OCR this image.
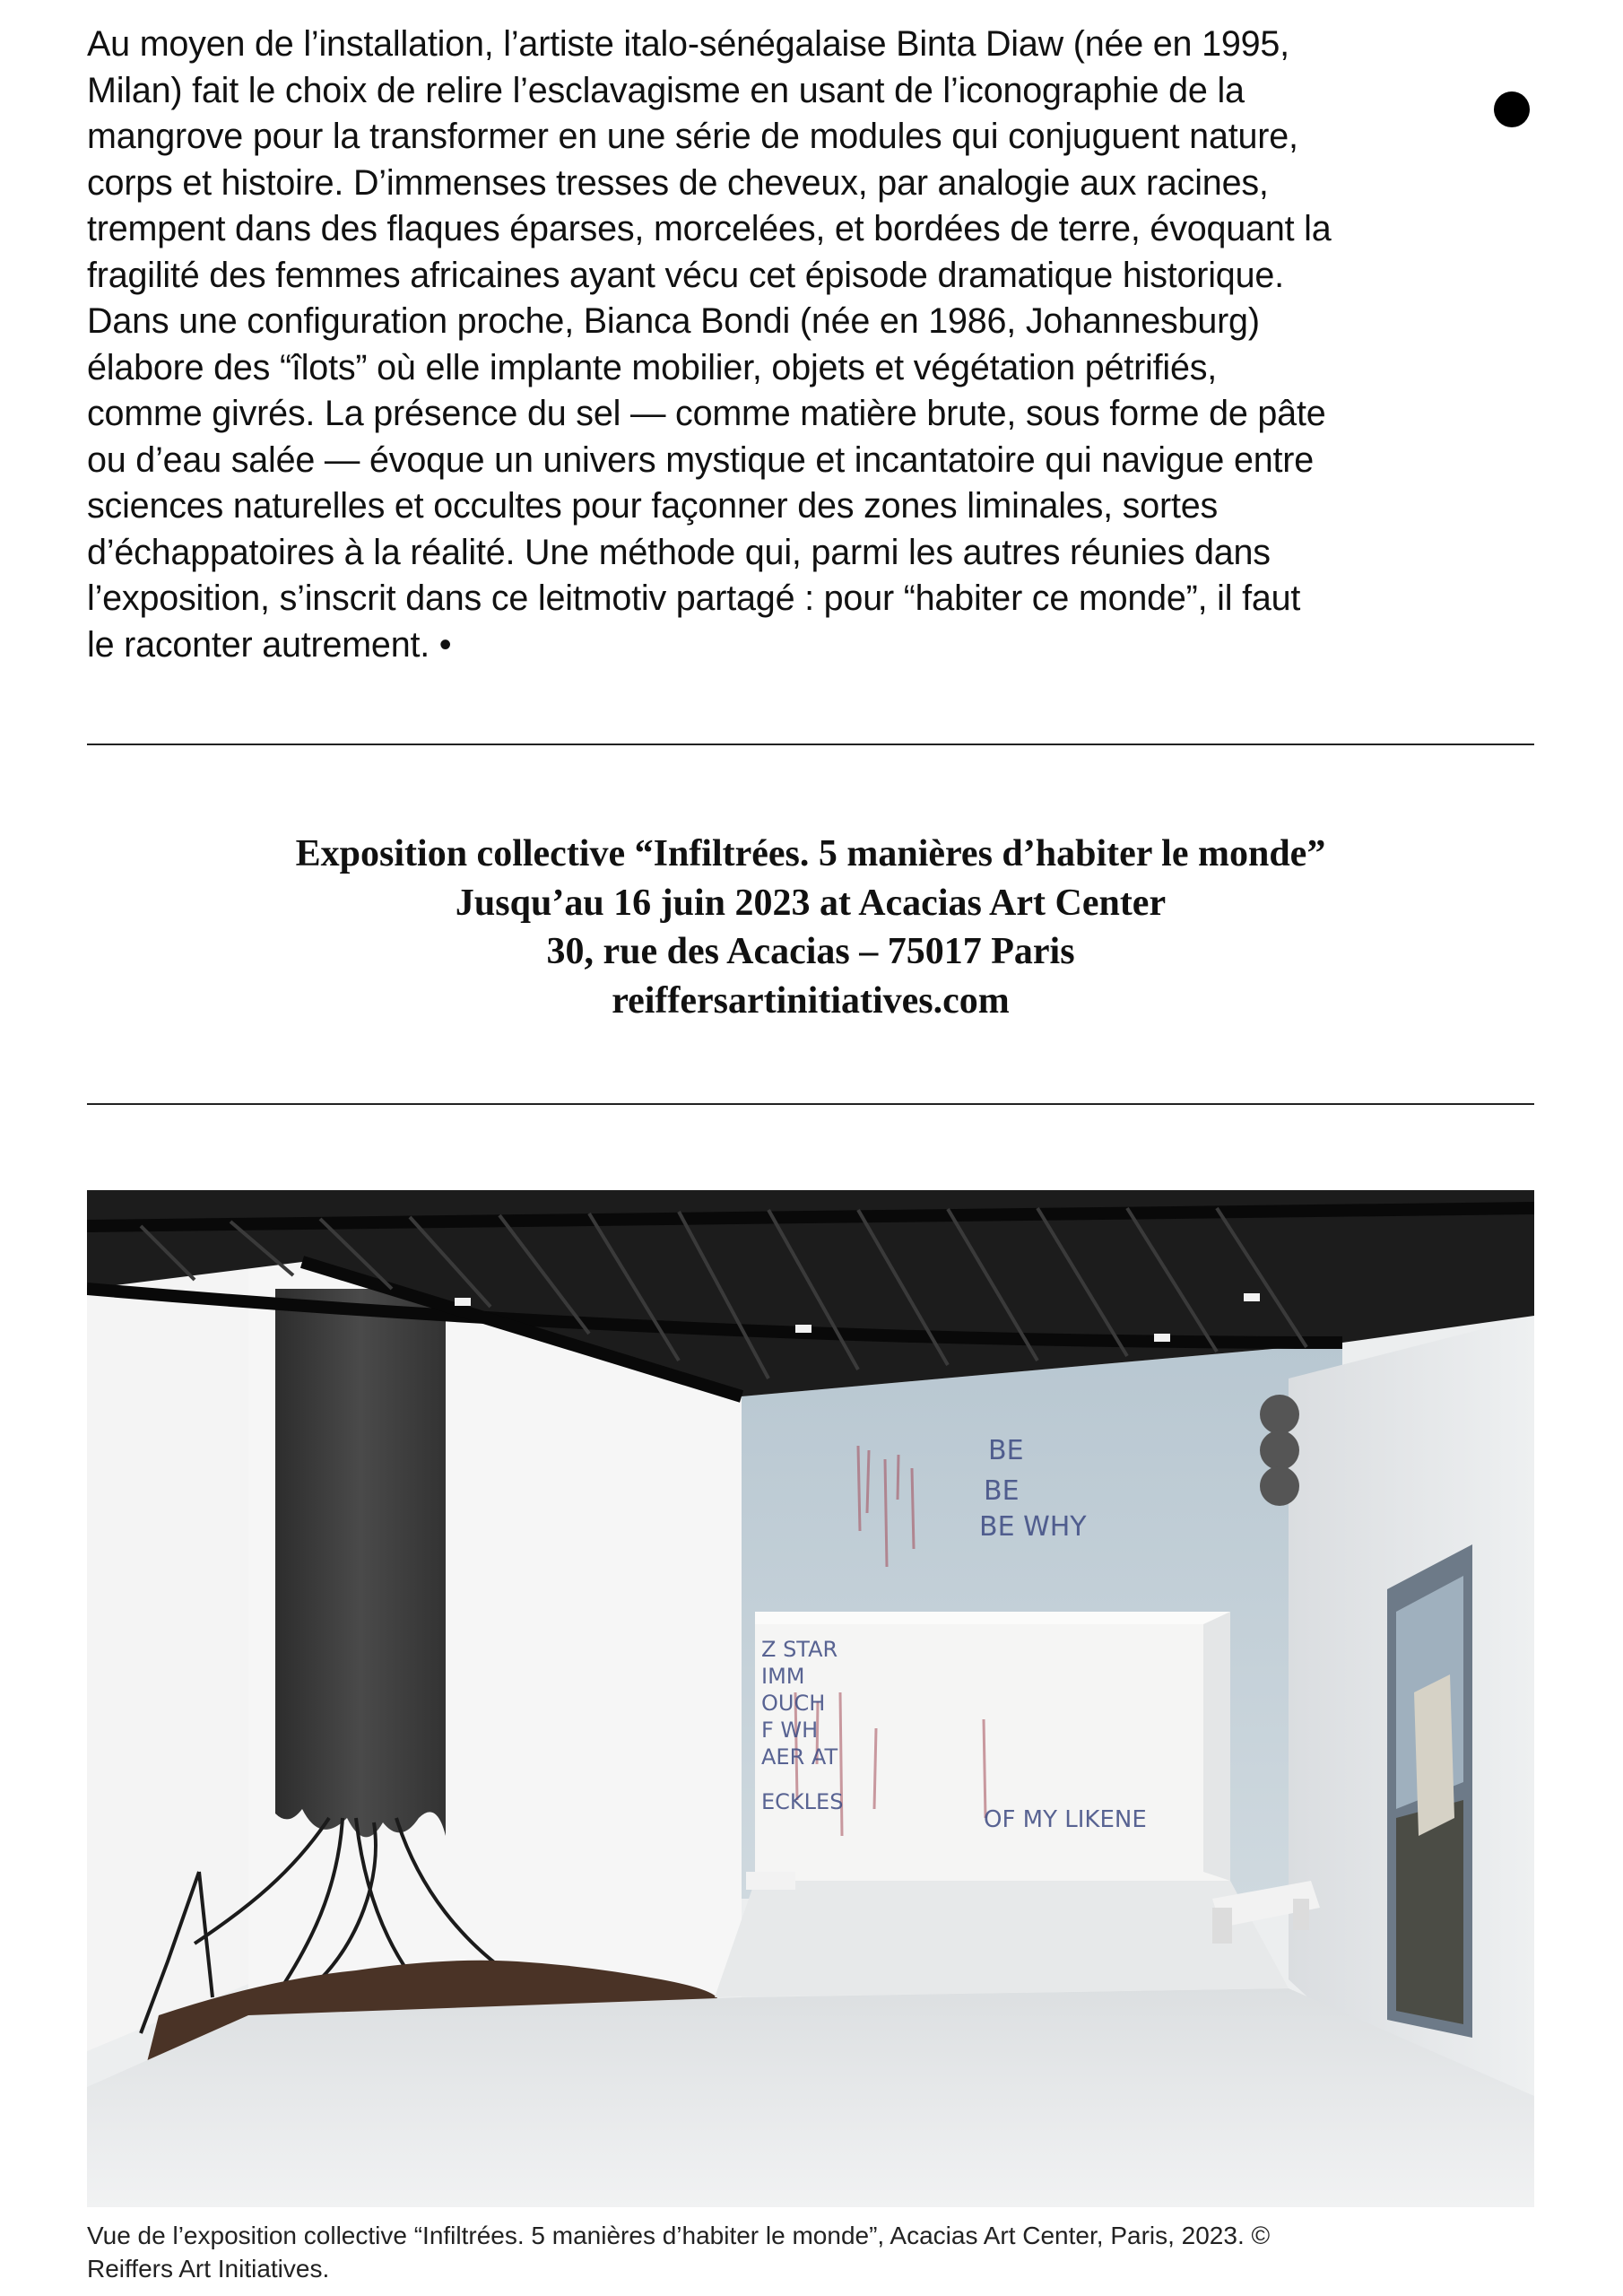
Au moyen de l’installation, l’artiste italo-sénégalaise Binta Diaw (née en 1995,
Milan) fait le choix de relire l’esclavagisme en usant de l’iconographie de la
mangrove pour la transformer en une série de modules qui conjuguent nature,
corps et histoire. D’immenses tresses de cheveux, par analogie aux racines,
trempent dans des flaques éparses, morcelées, et bordées de terre, évoquant la
fragilité des femmes africaines ayant vécu cet épisode dramatique historique.
Dans une configuration proche, Bianca Bondi (née en 1986, Johannesburg)
élabore des “îlots” où elle implante mobilier, objets et végétation pétrifiés,
comme givrés. La présence du sel — comme matière brute, sous forme de pâte
ou d’eau salée — évoque un univers mystique et incantatoire qui navigue entre
sciences naturelles et occultes pour façonner des zones liminales, sortes
d’échappatoires à la réalité. Une méthode qui, parmi les autres réunies dans
l’exposition, s’inscrit dans ce leitmotiv partagé : pour “habiter ce monde”, il faut
le raconter autrement. •
Exposition collective “Infiltrées. 5 manières d’habiter le monde”
Jusqu’au 16 juin 2023 at Acacias Art Center
30, rue des Acacias – 75017 Paris
reiffersartinitiatives.com
BE
BE
BE WHY
Z STAR
IMM
OUCH
F WH
AER AT
ECKLES
OF MY LIKENE
Vue de l’exposition collective “Infiltrées. 5 manières d’habiter le monde”, Acacias Art Center, Paris, 2023. ©
Reiffers Art Initiatives.
